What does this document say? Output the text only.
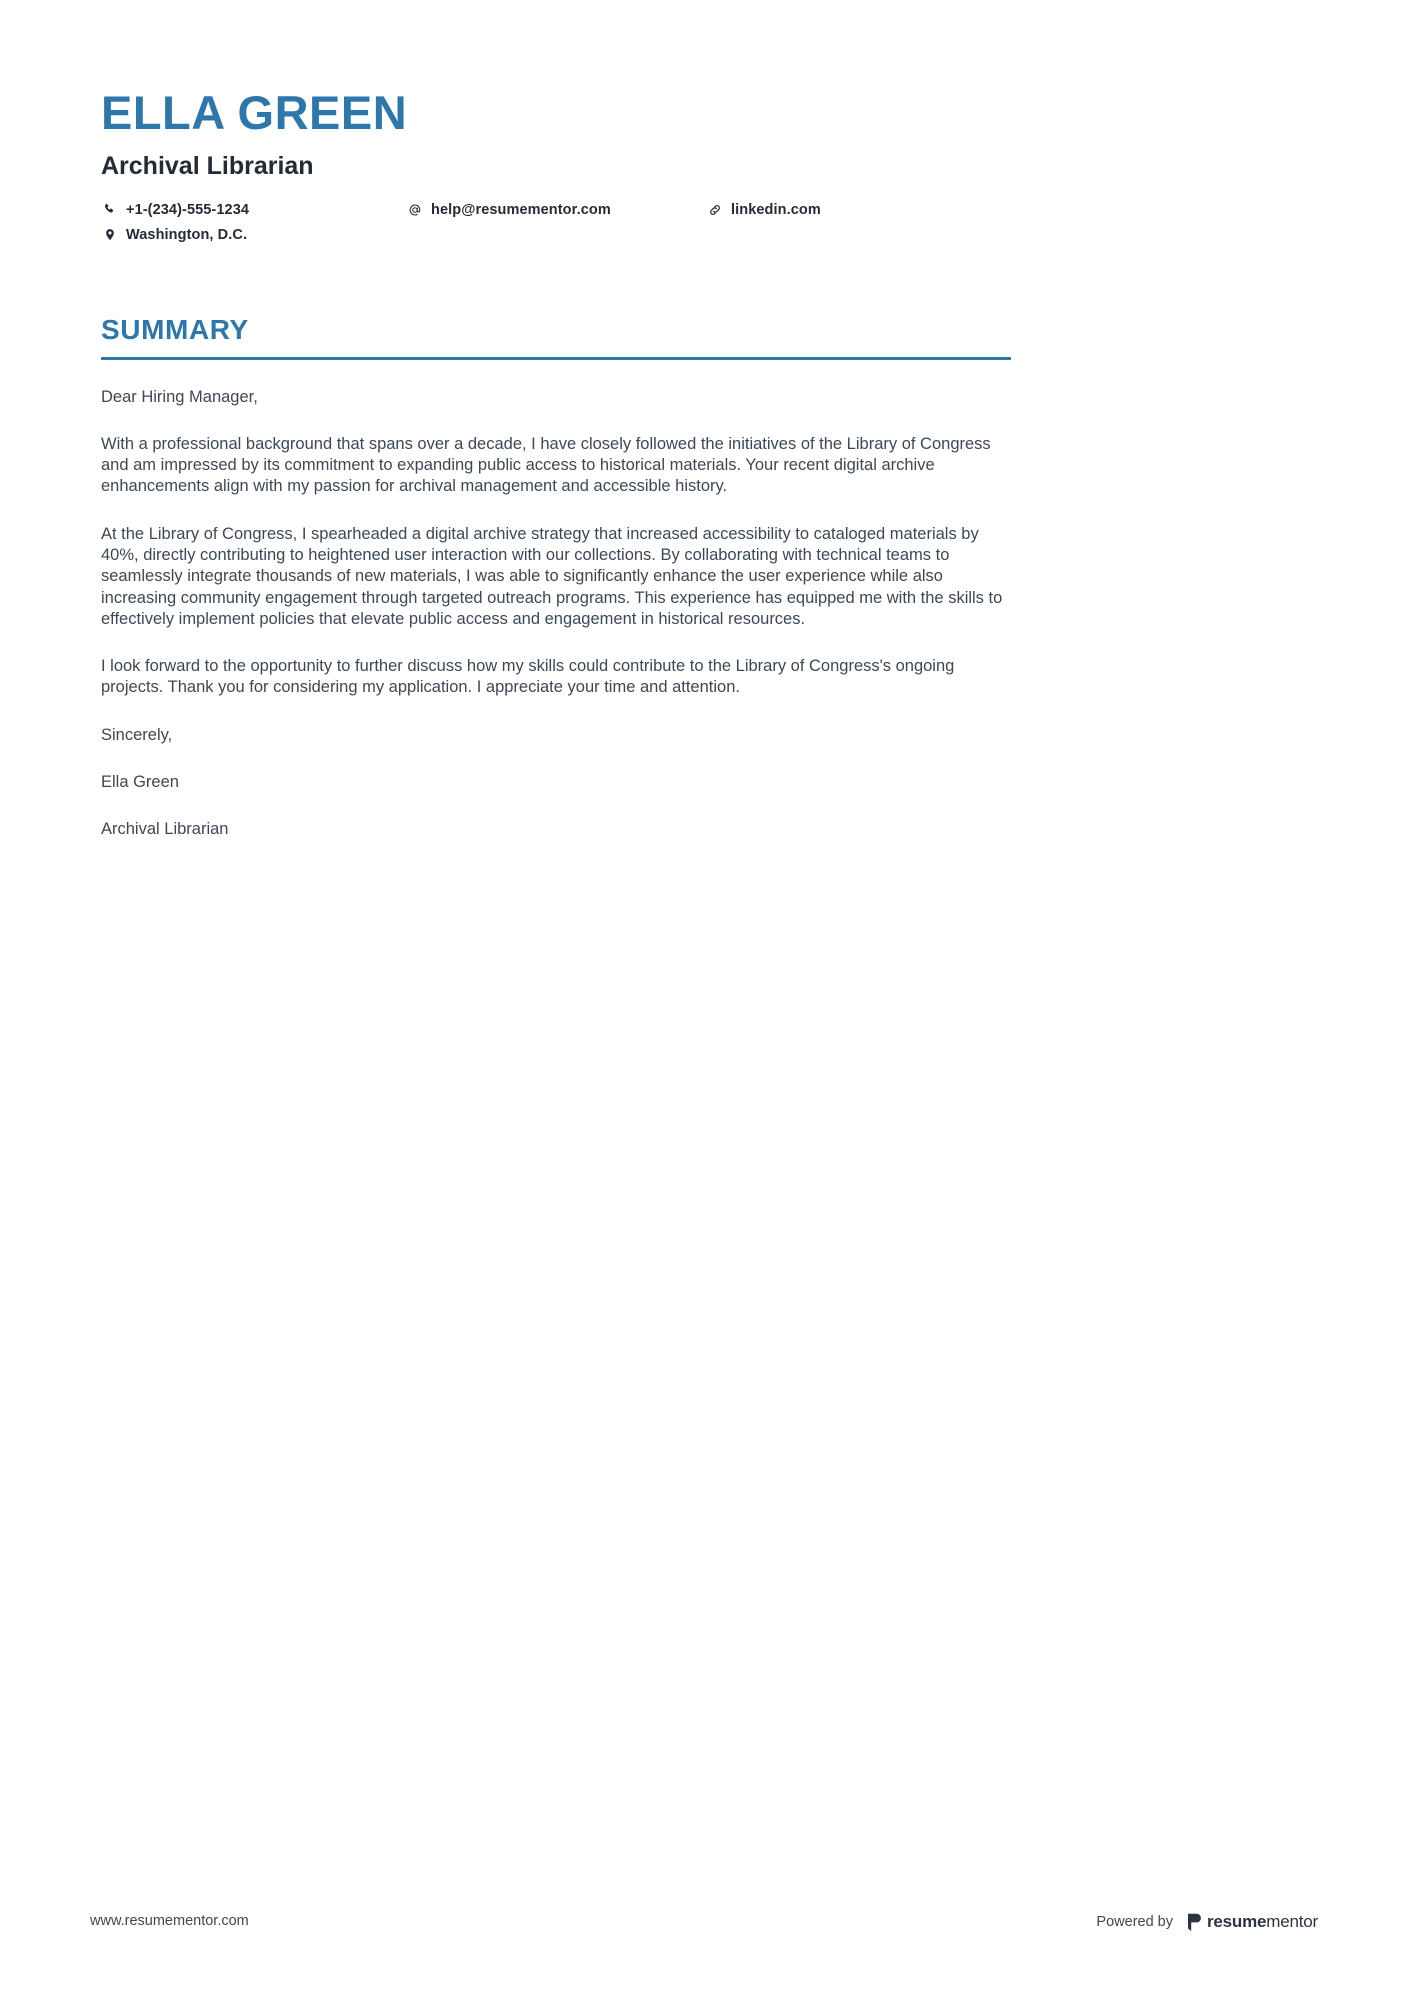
ELLA GREEN
Archival Librarian
+1-(234)-555-1234	help@resumementor.com	linkedin.com
Washington, D.C.
SUMMARY

Dear Hiring Manager,

With a professional background that spans over a decade, I have closely followed the initiatives of the Library of Congress and am impressed by its commitment to expanding public access to historical materials. Your recent digital archive enhancements align with my passion for archival management and accessible history.

At the Library of Congress, I spearheaded a digital archive strategy that increased accessibility to cataloged materials by 40%, directly contributing to heightened user interaction with our collections. By collaborating with technical teams to seamlessly integrate thousands of new materials, I was able to significantly enhance the user experience while also increasing community engagement through targeted outreach programs. This experience has equipped me with the skills to effectively implement policies that elevate public access and engagement in historical resources.

I look forward to the opportunity to further discuss how my skills could contribute to the Library of Congress's ongoing projects. Thank you for considering my application. I appreciate your time and attention.

Sincerely,

Ella Green

Archival Librarian

www.resumementor.com	Powered by resumementor
